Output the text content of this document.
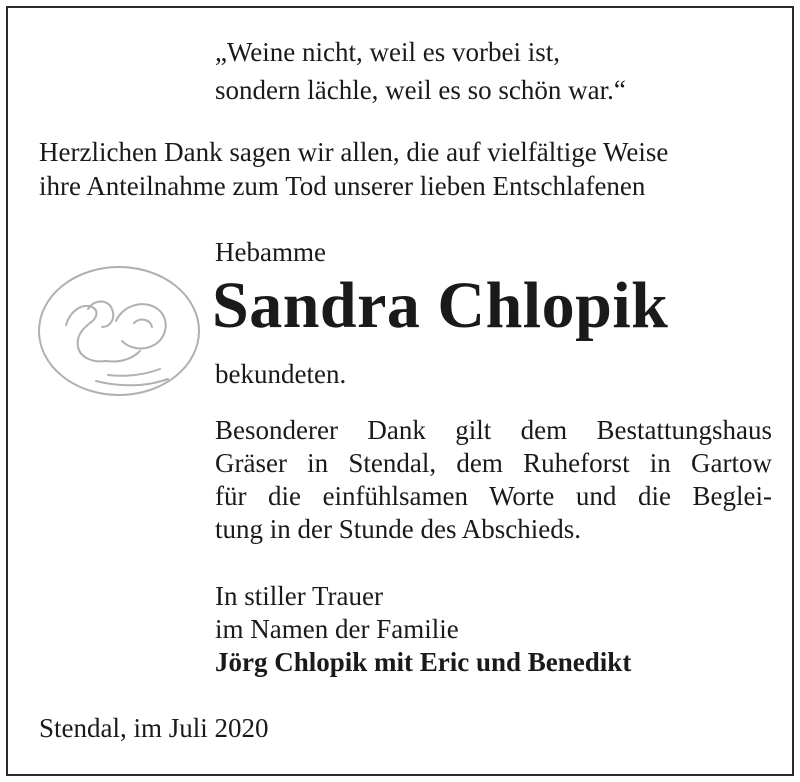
„Weine nicht, weil es vorbei ist,
sondern lächle, weil es so schön war.“
Herzlichen Dank sagen wir allen, die auf vielfältige Weise
ihre Anteilnahme zum Tod unserer lieben Entschlafenen
Hebamme
Sandra Chlopik
bekundeten.
Besonderer Dank gilt dem Bestattungshaus
Gräser in Stendal, dem Ruheforst in Gartow
für die einfühlsamen Worte und die Beglei-
tung in der Stunde des Abschieds.
In stiller Trauer
im Namen der Familie
Jörg Chlopik mit Eric und Benedikt
Stendal, im Juli 2020
